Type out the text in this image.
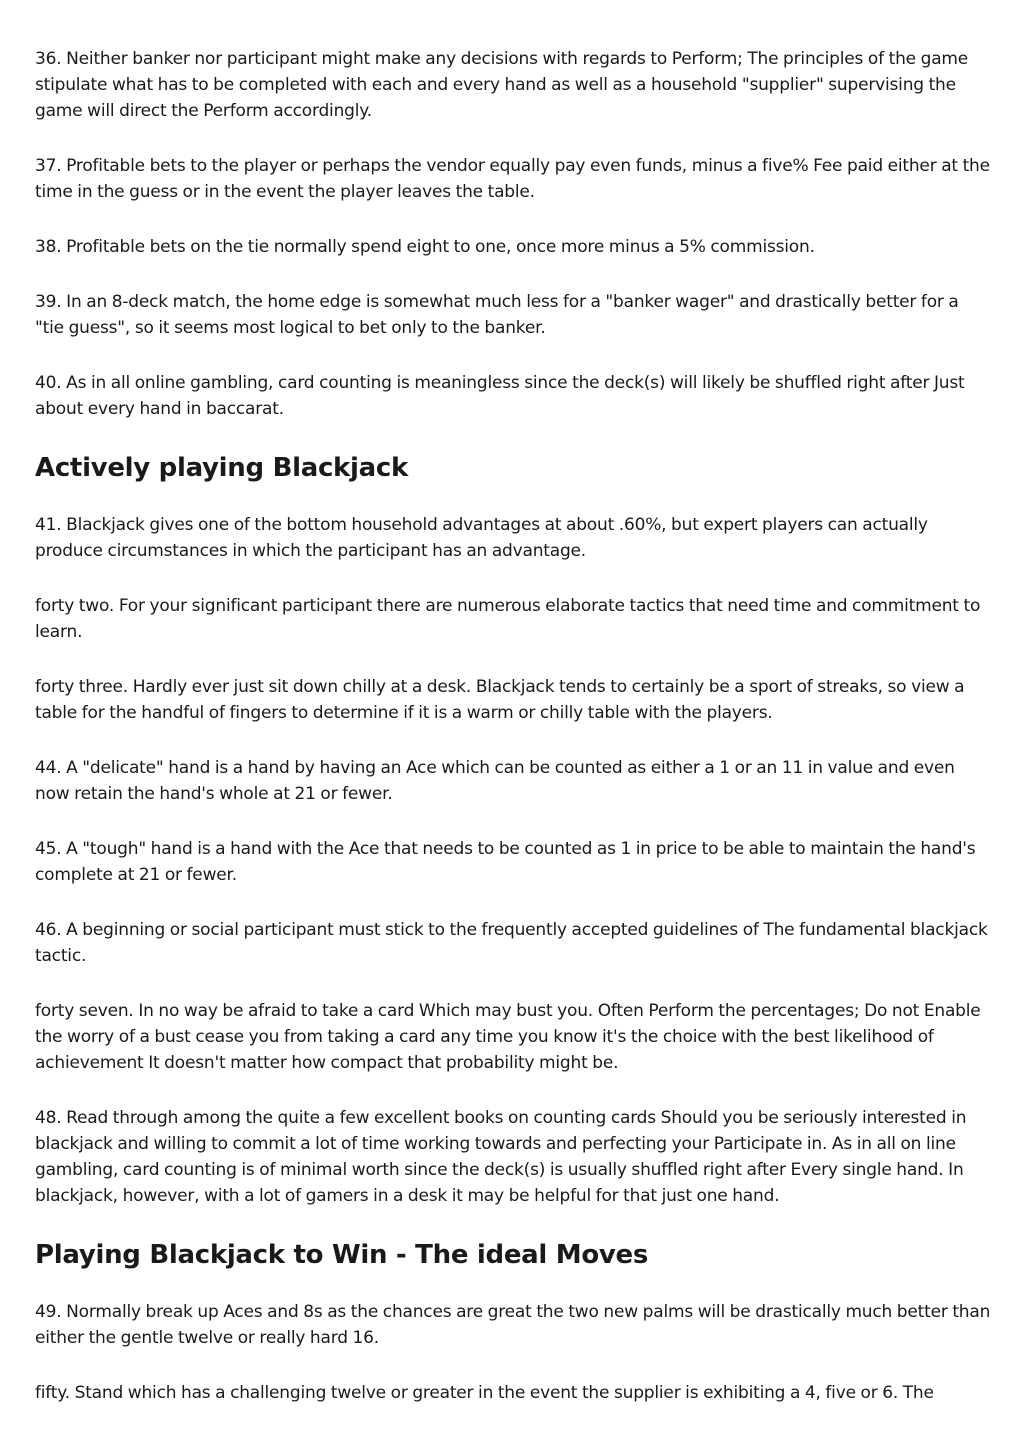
36. Neither banker nor participant might make any decisions with regards to Perform; The principles of the game stipulate what has to be completed with each and every hand as well as a household "supplier" supervising the game will direct the Perform accordingly.

37. Profitable bets to the player or perhaps the vendor equally pay even funds, minus a five% Fee paid either at the time in the guess or in the event the player leaves the table.

38. Profitable bets on the tie normally spend eight to one, once more minus a 5% commission.

39. In an 8-deck match, the home edge is somewhat much less for a "banker wager" and drastically better for a "tie guess", so it seems most logical to bet only to the banker.

40. As in all online gambling, card counting is meaningless since the deck(s) will likely be shuffled right after Just about every hand in baccarat.

Actively playing Blackjack

41. Blackjack gives one of the bottom household advantages at about .60%, but expert players can actually produce circumstances in which the participant has an advantage.

forty two. For your significant participant there are numerous elaborate tactics that need time and commitment to learn.

forty three. Hardly ever just sit down chilly at a desk. Blackjack tends to certainly be a sport of streaks, so view a table for the handful of fingers to determine if it is a warm or chilly table with the players.

44. A "delicate" hand is a hand by having an Ace which can be counted as either a 1 or an 11 in value and even now retain the hand's whole at 21 or fewer.

45. A "tough" hand is a hand with the Ace that needs to be counted as 1 in price to be able to maintain the hand's complete at 21 or fewer.

46. A beginning or social participant must stick to the frequently accepted guidelines of The fundamental blackjack tactic.

forty seven. In no way be afraid to take a card Which may bust you. Often Perform the percentages; Do not Enable the worry of a bust cease you from taking a card any time you know it's the choice with the best likelihood of achievement It doesn't matter how compact that probability might be.

48. Read through among the quite a few excellent books on counting cards Should you be seriously interested in blackjack and willing to commit a lot of time working towards and perfecting your Participate in. As in all on line gambling, card counting is of minimal worth since the deck(s) is usually shuffled right after Every single hand. In blackjack, however, with a lot of gamers in a desk it may be helpful for that just one hand.

Playing Blackjack to Win - The ideal Moves

49. Normally break up Aces and 8s as the chances are great the two new palms will be drastically much better than either the gentle twelve or really hard 16.

fifty. Stand which has a challenging twelve or greater in the event the supplier is exhibiting a 4, five or 6. The
